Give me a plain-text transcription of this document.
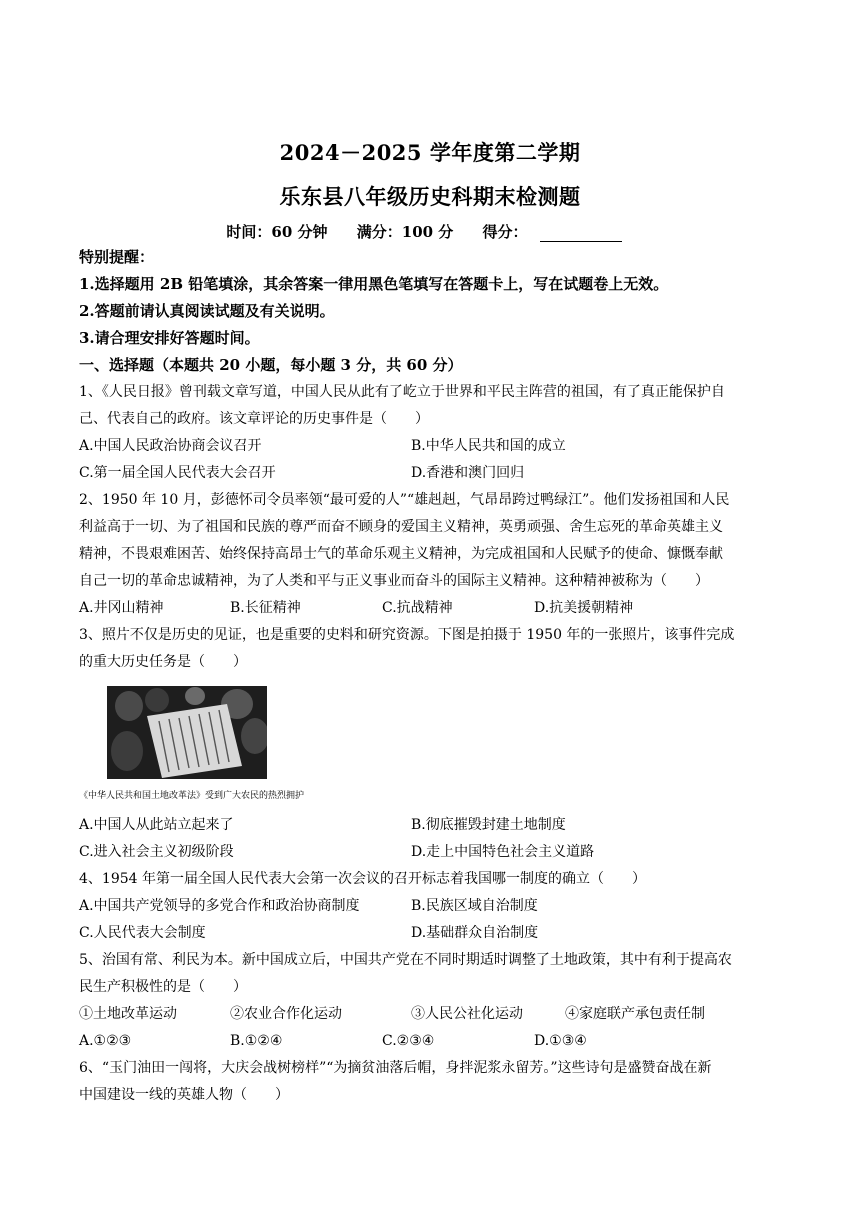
2024－2025 学年度第二学期
乐东县八年级历史科期末检测题
时间：60 分钟 满分：100 分 得分：
特别提醒：
1.选择题用 2B 铅笔填涂，其余答案一律用黑色笔填写在答题卡上，写在试题卷上无效。
2.答题前请认真阅读试题及有关说明。
3.请合理安排好答题时间。
一、选择题（本题共 20 小题，每小题 3 分，共 60 分）
1、《人民日报》曾刊载文章写道，中国人民从此有了屹立于世界和平民主阵营的祖国，有了真正能保护自
己、代表自己的政府。该文章评论的历史事件是（　　）
A.中国人民政治协商会议召开	B.中华人民共和国的成立
C.第一届全国人民代表大会召开	D.香港和澳门回归
2、1950 年 10 月，彭德怀司令员率领“最可爱的人”“雄赳赳，气昂昂跨过鸭绿江”。他们发扬祖国和人民
利益高于一切、为了祖国和民族的尊严而奋不顾身的爱国主义精神，英勇顽强、舍生忘死的革命英雄主义
精神，不畏艰难困苦、始终保持高昂士气的革命乐观主义精神，为完成祖国和人民赋予的使命、慷慨奉献
自己一切的革命忠诚精神，为了人类和平与正义事业而奋斗的国际主义精神。这种精神被称为（　　）
A.井冈山精神	B.长征精神	C.抗战精神	D.抗美援朝精神
3、照片不仅是历史的见证，也是重要的史料和研究资源。下图是拍摄于 1950 年的一张照片，该事件完成
的重大历史任务是（　　）
《中华人民共和国土地改革法》受到广大农民的热烈拥护
A.中国人从此站立起来了	B.彻底摧毁封建土地制度
C.进入社会主义初级阶段	D.走上中国特色社会主义道路
4、1954 年第一届全国人民代表大会第一次会议的召开标志着我国哪一制度的确立（　　）
A.中国共产党领导的多党合作和政治协商制度	B.民族区域自治制度
C.人民代表大会制度	D.基础群众自治制度
5、治国有常、利民为本。新中国成立后，中国共产党在不同时期适时调整了土地政策，其中有利于提高农
民生产积极性的是（　　）
①土地改革运动	②农业合作化运动	③人民公社化运动	④家庭联产承包责任制
A.①②③	B.①②④	C.②③④	D.①③④
6、“玉门油田一闯将，大庆会战树榜样”“为摘贫油落后帽，身拌泥浆永留芳。”这些诗句是盛赞奋战在新
中国建设一线的英雄人物（　　）
